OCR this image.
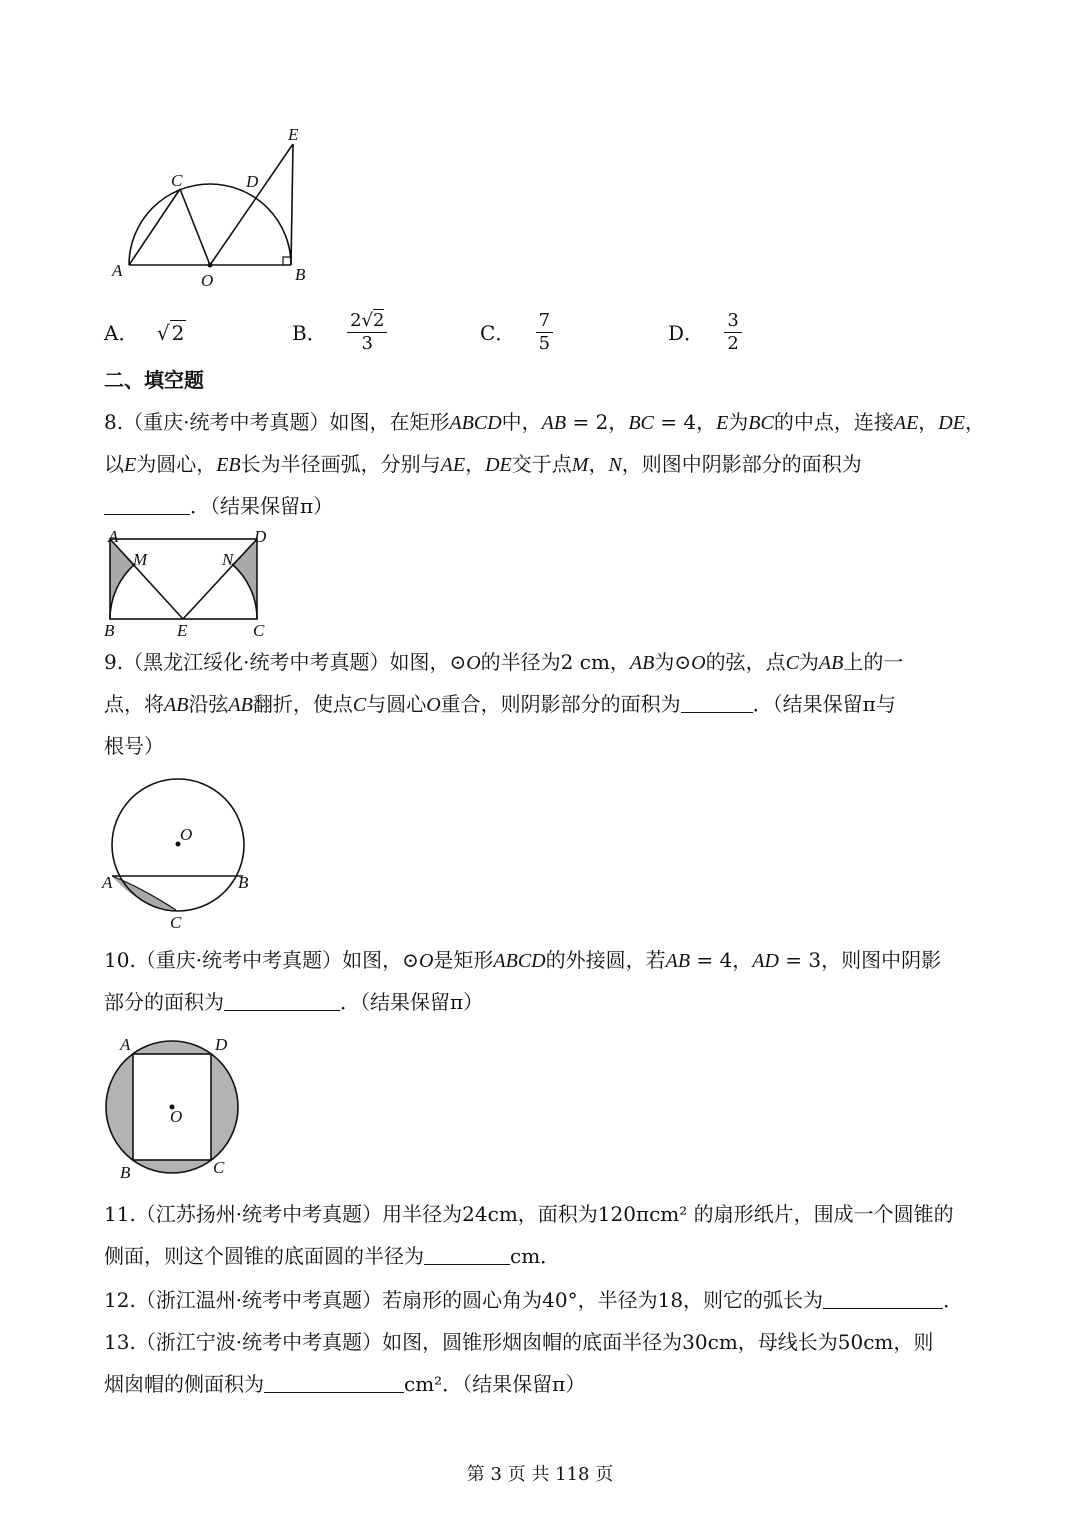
A
O	B
C	D
E
A． √ 2	B． $\frac{2√2}{3}$	C． $\frac{7}{5}$	D． $\frac{3}{2}$
二、填空题
8.（重庆·统考中考真题）如图，在矩形ABCD中，AB = 2，BC = 4，E为BC的中点，连接AE，DE，
以E为圆心，EB长为半径画弧，分别与AE，DE交于点M，N，则图中阴影部分的面积为
．（结果保留π）
A	D
M	N
B	E	C
9.（黑龙江绥化·统考中考真题）如图，⊙O的半径为2 cm，AB为⊙O的弦，点C为AB上的一
点，将AB沿弦AB翻折，使点C与圆心O重合，则阴影部分的面积为	．（结果保留π与
根号）
O
A	B
C
10.（重庆·统考中考真题）如图，⊙O是矩形ABCD的外接圆，若AB = 4，AD = 3，则图中阴影
部分的面积为	．（结果保留π）
A	D
O
B	C
11.（江苏扬州·统考中考真题）用半径为24cm，面积为120πcm² 的扇形纸片，围成一个圆锥的
侧面，则这个圆锥的底面圆的半径为	cm．
12.（浙江温州·统考中考真题）若扇形的圆心角为40°，半径为18，则它的弧长为	．
13.（浙江宁波·统考中考真题）如图，圆锥形烟囱帽的底面半径为30cm，母线长为50cm，则
烟囱帽的侧面积为	cm²．（结果保留π）
第 3 页 共 118 页
